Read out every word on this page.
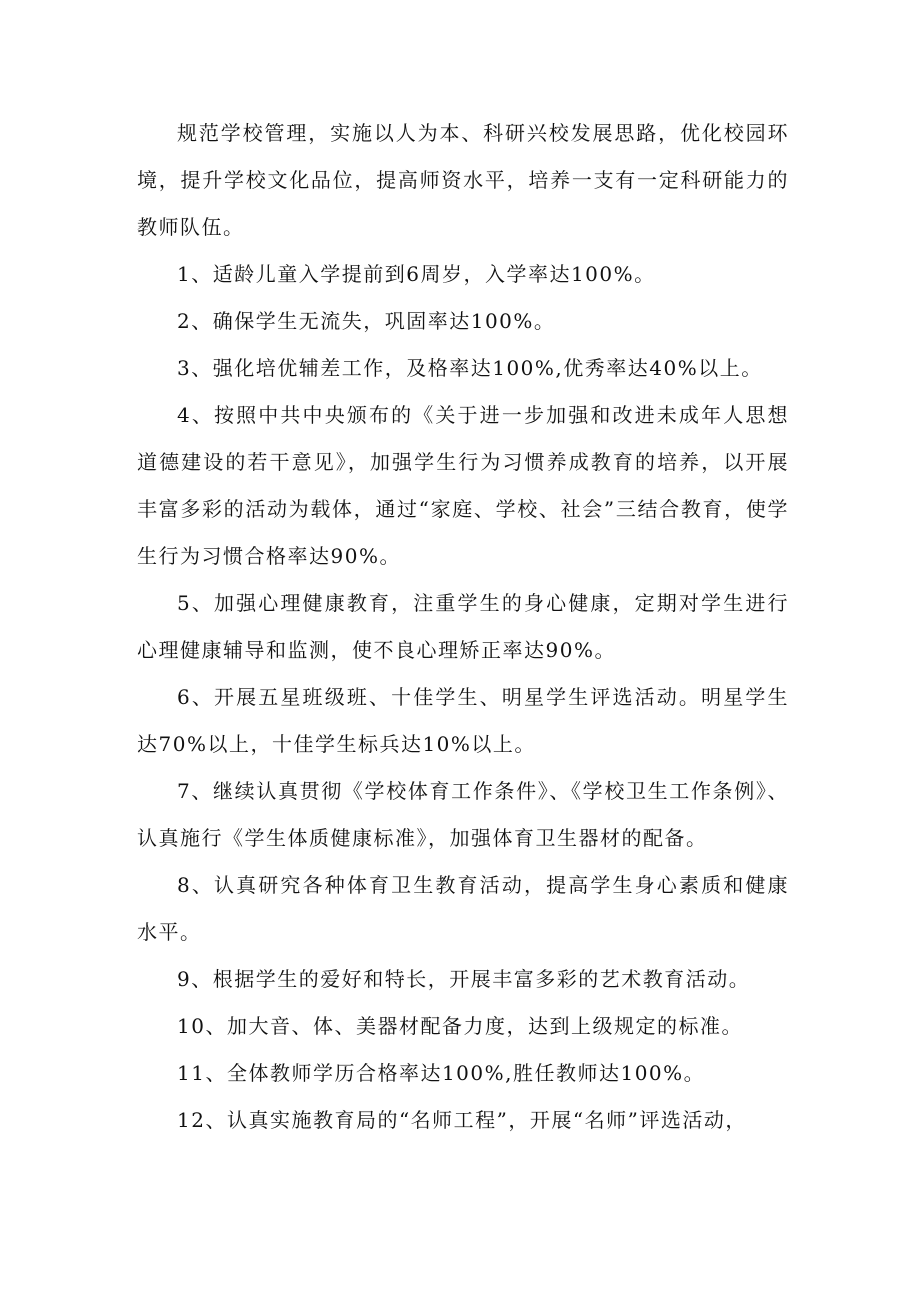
规范学校管理，实施以人为本、科研兴校发展思路，优化校园环境，提升学校文化品位，提高师资水平，培养一支有一定科研能力的教师队伍。

1、适龄儿童入学提前到6周岁，入学率达100%。

2、确保学生无流失，巩固率达100%。

3、强化培优辅差工作，及格率达100%,优秀率达40%以上。

4、按照中共中央颁布的《关于进一步加强和改进未成年人思想道德建设的若干意见》，加强学生行为习惯养成教育的培养，以开展丰富多彩的活动为载体，通过“家庭、学校、社会”三结合教育，使学生行为习惯合格率达90%。

5、加强心理健康教育，注重学生的身心健康，定期对学生进行心理健康辅导和监测，使不良心理矫正率达90%。

6、开展五星班级班、十佳学生、明星学生评选活动。明星学生达70%以上，十佳学生标兵达10%以上。

7、继续认真贯彻《学校体育工作条件》、《学校卫生工作条例》、认真施行《学生体质健康标准》，加强体育卫生器材的配备。

8、认真研究各种体育卫生教育活动，提高学生身心素质和健康水平。

9、根据学生的爱好和特长，开展丰富多彩的艺术教育活动。

10、加大音、体、美器材配备力度，达到上级规定的标准。

11、全体教师学历合格率达100%,胜任教师达100%。

12、认真实施教育局的“名师工程”，开展“名师”评选活动，
